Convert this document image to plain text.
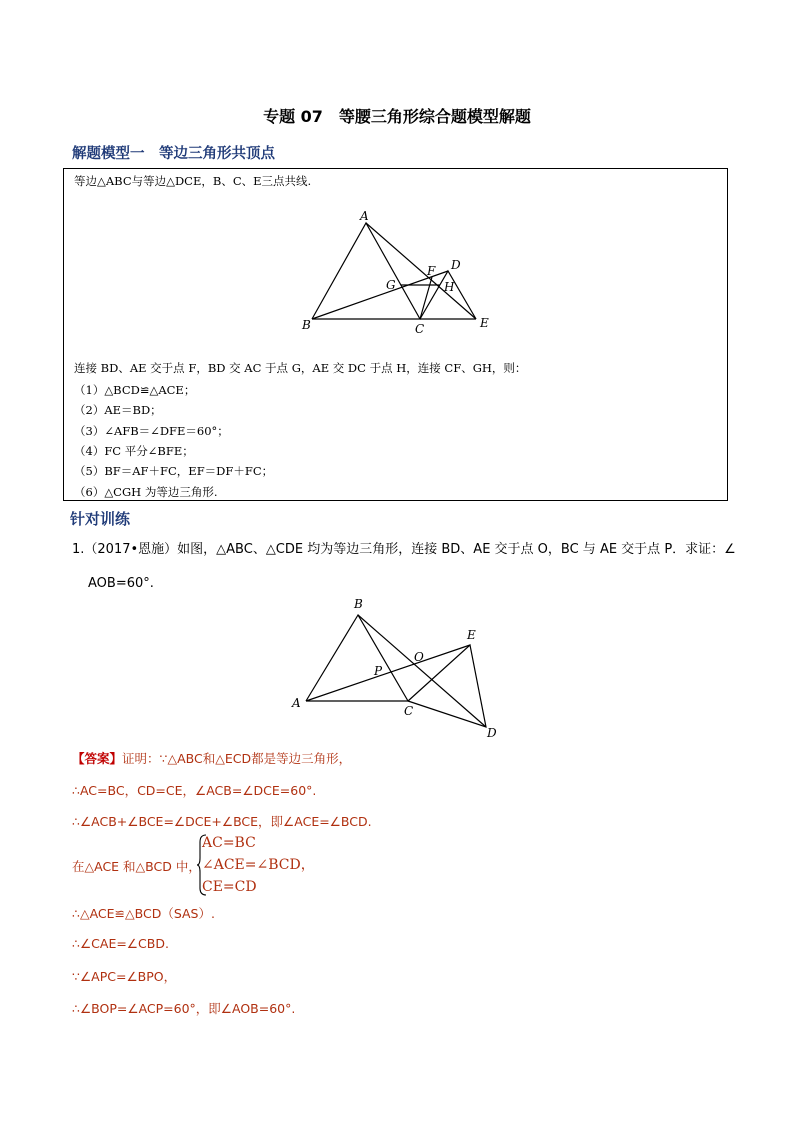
专题 07　等腰三角形综合题模型解题
解题模型一　等边三角形共顶点
等边△ABC与等边△DCE，B、C、E三点共线.
A
B	C
D
E
F
G	H
连接 BD、AE 交于点 F，BD 交 AC 于点 G，AE 交 DC 于点 H，连接 CF、GH，则：
（1）△BCD≌△ACE；
（2）AE＝BD；
（3）∠AFB＝∠DFE＝60°；
（4）FC 平分∠BFE；
（5）BF＝AF＋FC，EF＝DF＋FC；
（6）△CGH 为等边三角形.
针对训练
1.（2017•恩施）如图，△ABC、△CDE 均为等边三角形，连接 BD、AE 交于点 O，BC 与 AE 交于点 P．求证：∠
AOB=60°.
B
A
C
D
E
O
P
【答案】证明：∵△ABC和△ECD都是等边三角形，
∴AC=BC，CD=CE，∠ACB=∠DCE=60°.
∴∠ACB+∠BCE=∠DCE+∠BCE，即∠ACE=∠BCD.
在△ACE 和△BCD 中，
AC=BC
∠ACE=∠BCD，
CE=CD
∴△ACE≌△BCD（SAS）.
∴∠CAE=∠CBD.
∵∠APC=∠BPO，
∴∠BOP=∠ACP=60°，即∠AOB=60°.
